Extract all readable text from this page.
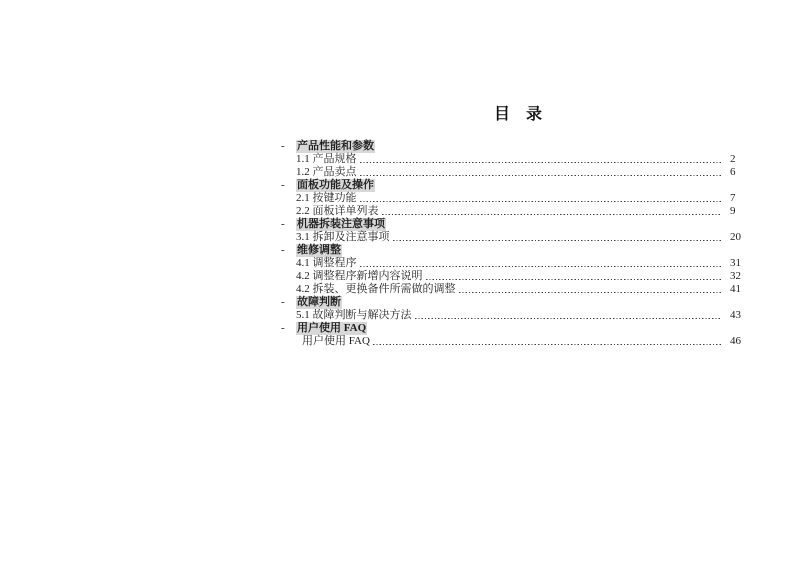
目　录
-	产品性能和参数
1.1 产品规格	2
1.2 产品卖点	6
-	面板功能及操作
2.1 按键功能	7
2.2 面板详单列表	9
-	机器拆装注意事项
3.1 拆卸及注意事项	20
-	维修调整
4.1 调整程序	31
4.2 调整程序新增内容说明	32
4.2 拆装、更换备件所需做的调整	41
-	故障判断
5.1 故障判断与解决方法	43
-	用户使用 FAQ
用户使用 FAQ	46
